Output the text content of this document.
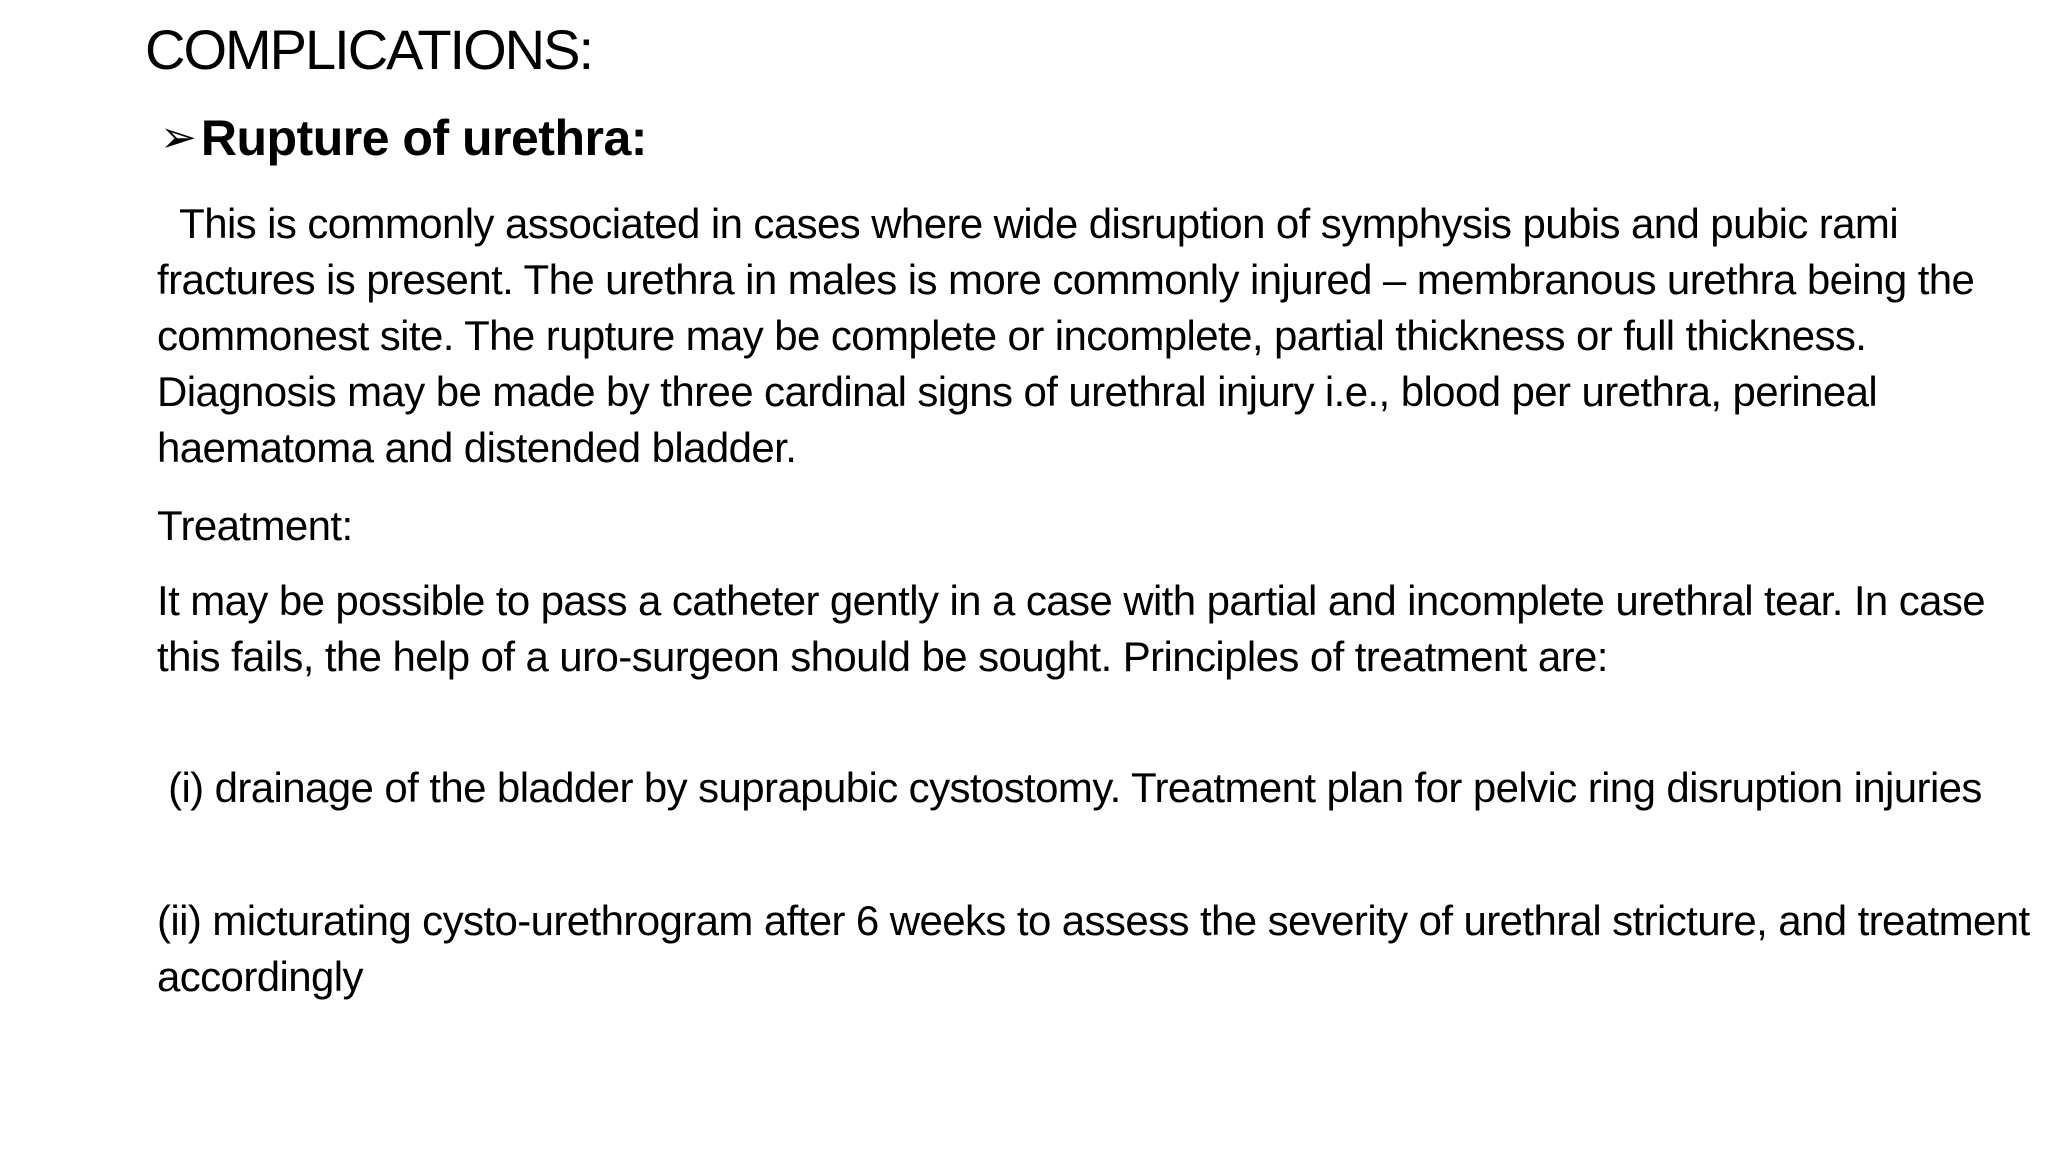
COMPLICATIONS:
➢ Rupture of urethra:

This is commonly associated in cases where wide disruption of symphysis pubis and pubic rami fractures is present. The urethra in males is more commonly injured – membranous urethra being the commonest site. The rupture may be complete or incomplete, partial thickness or full thickness. Diagnosis may be made by three cardinal signs of urethral injury i.e., blood per urethra, perineal haematoma and distended bladder.

Treatment:

It may be possible to pass a catheter gently in a case with partial and incomplete urethral tear. In case this fails, the help of a uro-surgeon should be sought. Principles of treatment are:

(i) drainage of the bladder by suprapubic cystostomy. Treatment plan for pelvic ring disruption injuries

(ii) micturating cysto-urethrogram after 6 weeks to assess the severity of urethral stricture, and treatment accordingly
